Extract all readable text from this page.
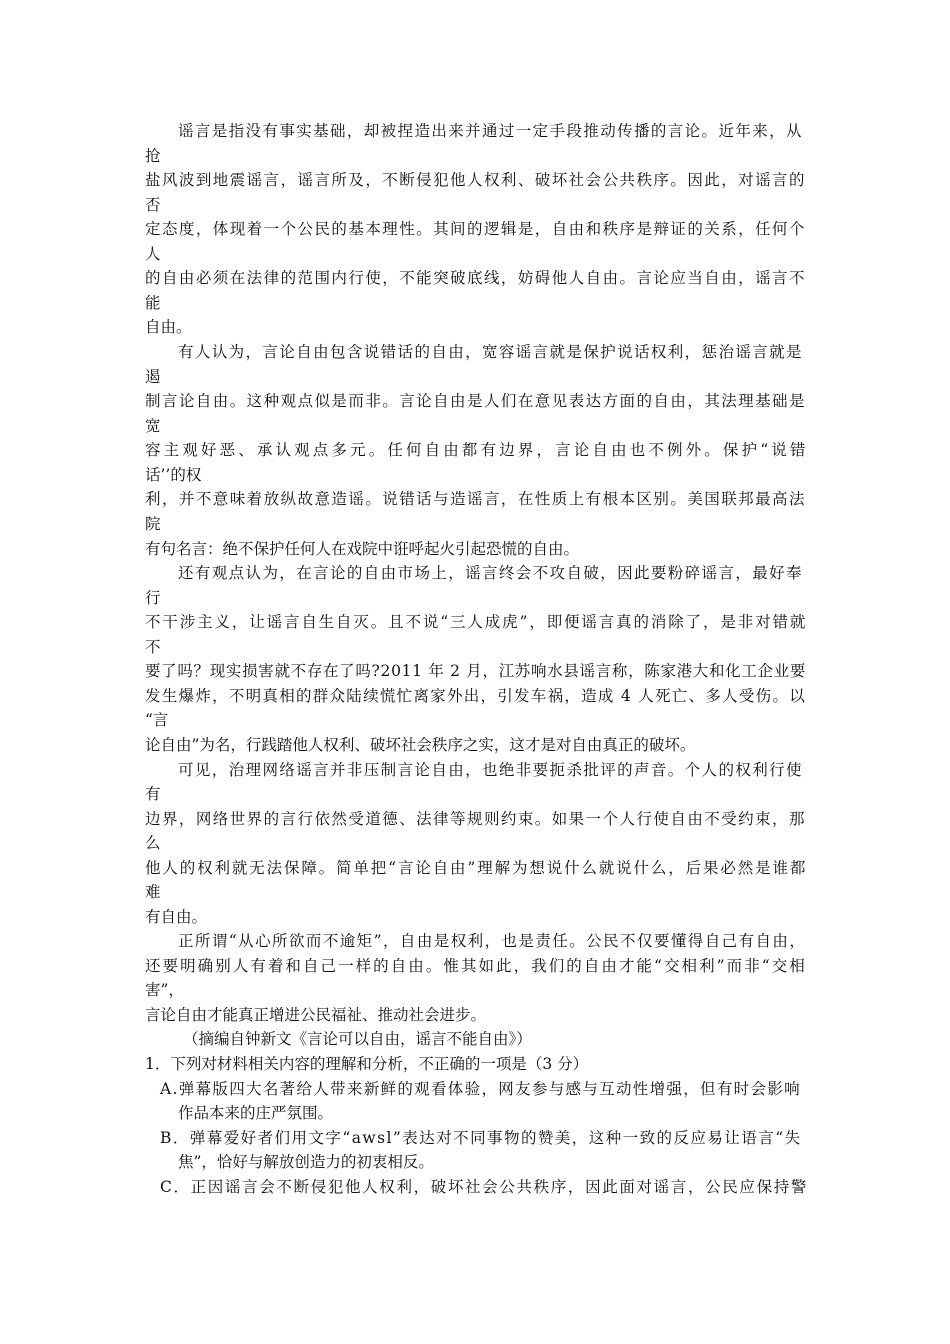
谣言是指没有事实基础，却被捏造出来并通过一定手段推动传播的言论。近年来，从
抢
盐风波到地震谣言，谣言所及，不断侵犯他人权利、破坏社会公共秩序。因此，对谣言的
否
定态度，体现着一个公民的基本理性。其间的逻辑是，自由和秩序是辩证的关系，任何个
人
的自由必须在法律的范围内行使，不能突破底线，妨碍他人自由。言论应当自由，谣言不
能
自由。
有人认为，言论自由包含说错话的自由，宽容谣言就是保护说话权利，惩治谣言就是
遏
制言论自由。这种观点似是而非。言论自由是人们在意见表达方面的自由，其法理基础是
宽
容主观好恶、承认观点多元。任何自由都有边界，言论自由也不例外。保护“说错
话’’的权
利，并不意味着放纵故意造谣。说错话与造谣言，在性质上有根本区别。美国联邦最高法
院
有句名言：绝不保护任何人在戏院中诳呼起火引起恐慌的自由。
还有观点认为，在言论的自由市场上，谣言终会不攻自破，因此要粉碎谣言，最好奉
行
不干涉主义，让谣言自生自灭。且不说“三人成虎”，即便谣言真的消除了，是非对错就
不
要了吗？现实损害就不存在了吗?2011 年 2 月，江苏响水县谣言称，陈家港大和化工企业要
发生爆炸，不明真相的群众陆续慌忙离家外出，引发车祸，造成 4 人死亡、多人受伤。以
“言
论自由”为名，行践踏他人权利、破坏社会秩序之实，这才是对自由真正的破坏。
可见，治理网络谣言并非压制言论自由，也绝非要扼杀批评的声音。个人的权利行使
有
边界，网络世界的言行依然受道德、法律等规则约束。如果一个人行使自由不受约束，那
么
他人的权利就无法保障。简单把“言论自由”理解为想说什么就说什么，后果必然是谁都
难
有自由。
正所谓“从心所欲而不逾矩”，自由是权利，也是责任。公民不仅要懂得自己有自由，
还要明确别人有着和自己一样的自由。惟其如此，我们的自由才能“交相利”而非“交相
害”，
言论自由才能真正增进公民福祉、推动社会进步。
（摘编自钟新文《言论可以自由，谣言不能自由》）
1．下列对材料相关内容的理解和分析，不正确的一项是（3 分）
A.弹幕版四大名著给人带来新鲜的观看体验，网友参与感与互动性增强，但有时会影响
作品本来的庄严氛围。
B．弹幕爱好者们用文字“awsl”表达对不同事物的赞美，这种一致的反应易让语言“失
焦”，恰好与解放创造力的初衷相反。
C．正因谣言会不断侵犯他人权利，破坏社会公共秩序，因此面对谣言，公民应保持警
